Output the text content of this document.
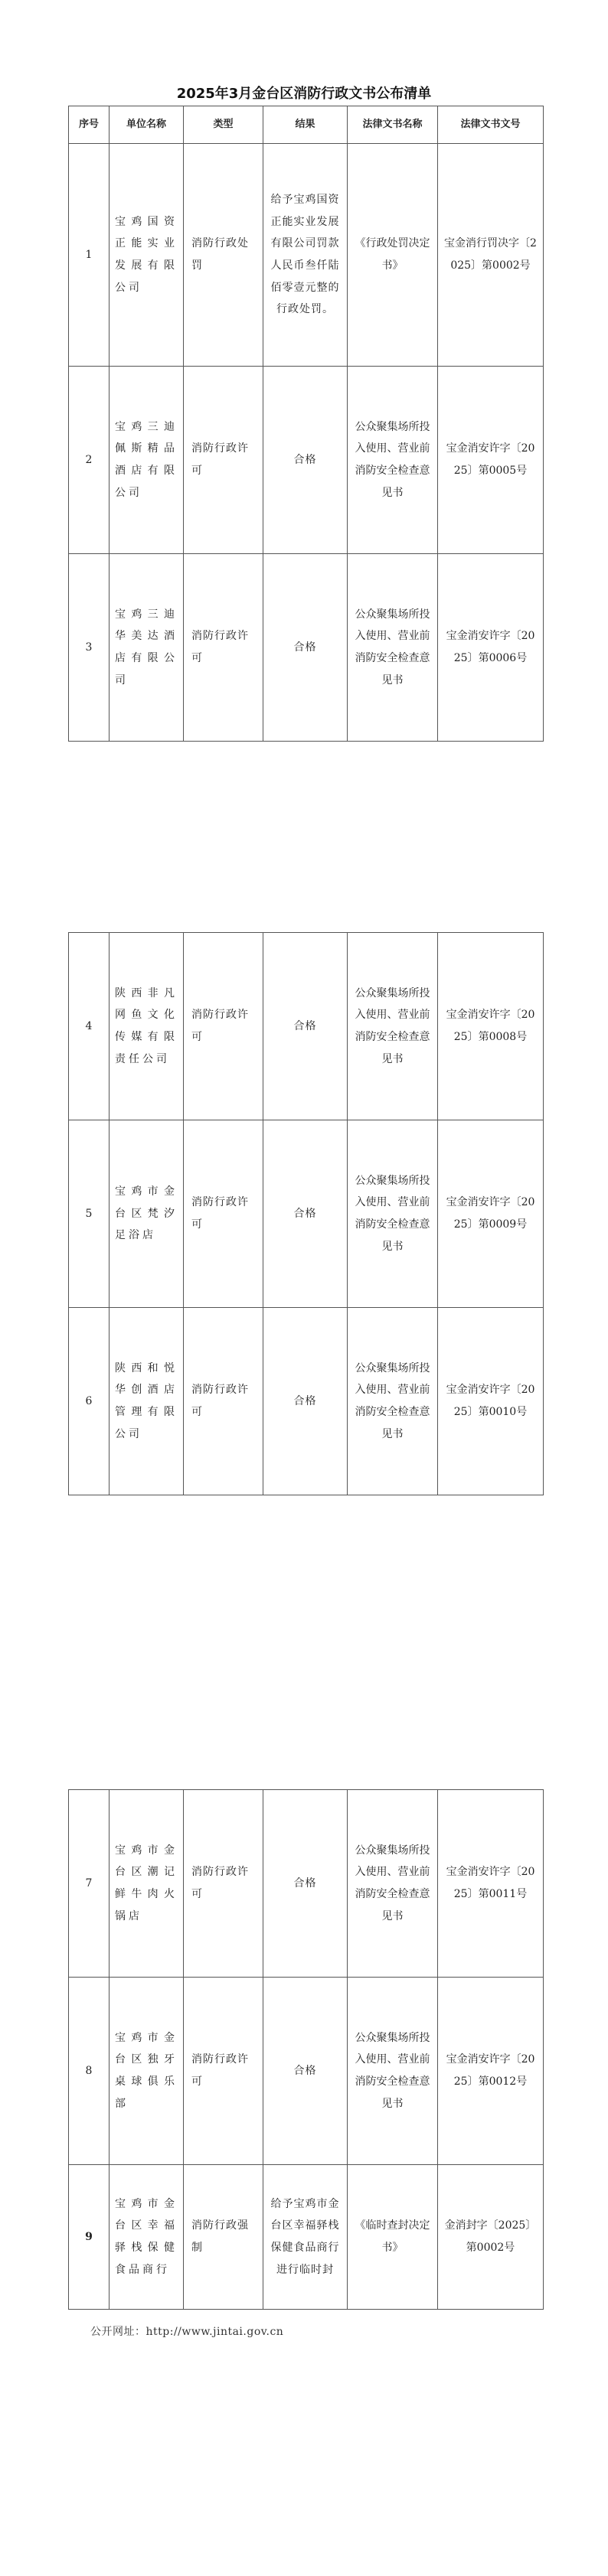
2025年3月金台区消防行政文书公布清单
序号	单位名称	类型	结果	法律文书名称	法律文书文号
1	宝鸡国资正能实业发展有限公司	消防行政处罚	给予宝鸡国资正能实业发展有限公司罚款人民币叁仟陆佰零壹元整的行政处罚。	《行政处罚决定书》	宝金消行罚决字〔2025〕第0002号
2	宝鸡三迪佩斯精品酒店有限公司	消防行政许可	合格	公众聚集场所投入使用、营业前消防安全检查意见书	宝金消安许字〔2025〕第0005号
3	宝鸡三迪华美达酒店有限公司	消防行政许可	合格	公众聚集场所投入使用、营业前消防安全检查意见书	宝金消安许字〔2025〕第0006号
4	陕西非凡网鱼文化传媒有限责任公司	消防行政许可	合格	公众聚集场所投入使用、营业前消防安全检查意见书	宝金消安许字〔2025〕第0008号
5	宝鸡市金台区梵汐足浴店	消防行政许可	合格	公众聚集场所投入使用、营业前消防安全检查意见书	宝金消安许字〔2025〕第0009号
6	陕西和悦华创酒店管理有限公司	消防行政许可	合格	公众聚集场所投入使用、营业前消防安全检查意见书	宝金消安许字〔2025〕第0010号
7	宝鸡市金台区潮记鲜牛肉火锅店	消防行政许可	合格	公众聚集场所投入使用、营业前消防安全检查意见书	宝金消安许字〔2025〕第0011号
8	宝鸡市金台区独牙桌球俱乐部	消防行政许可	合格	公众聚集场所投入使用、营业前消防安全检查意见书	宝金消安许字〔2025〕第0012号
9	宝鸡市金台区幸福驿栈保健食品商行	消防行政强制	给予宝鸡市金台区幸福驿栈保健食品商行进行临时封	《临时查封决定书》	金消封字〔2025〕第0002号
公开网址：http://www.jintai.gov.cn
